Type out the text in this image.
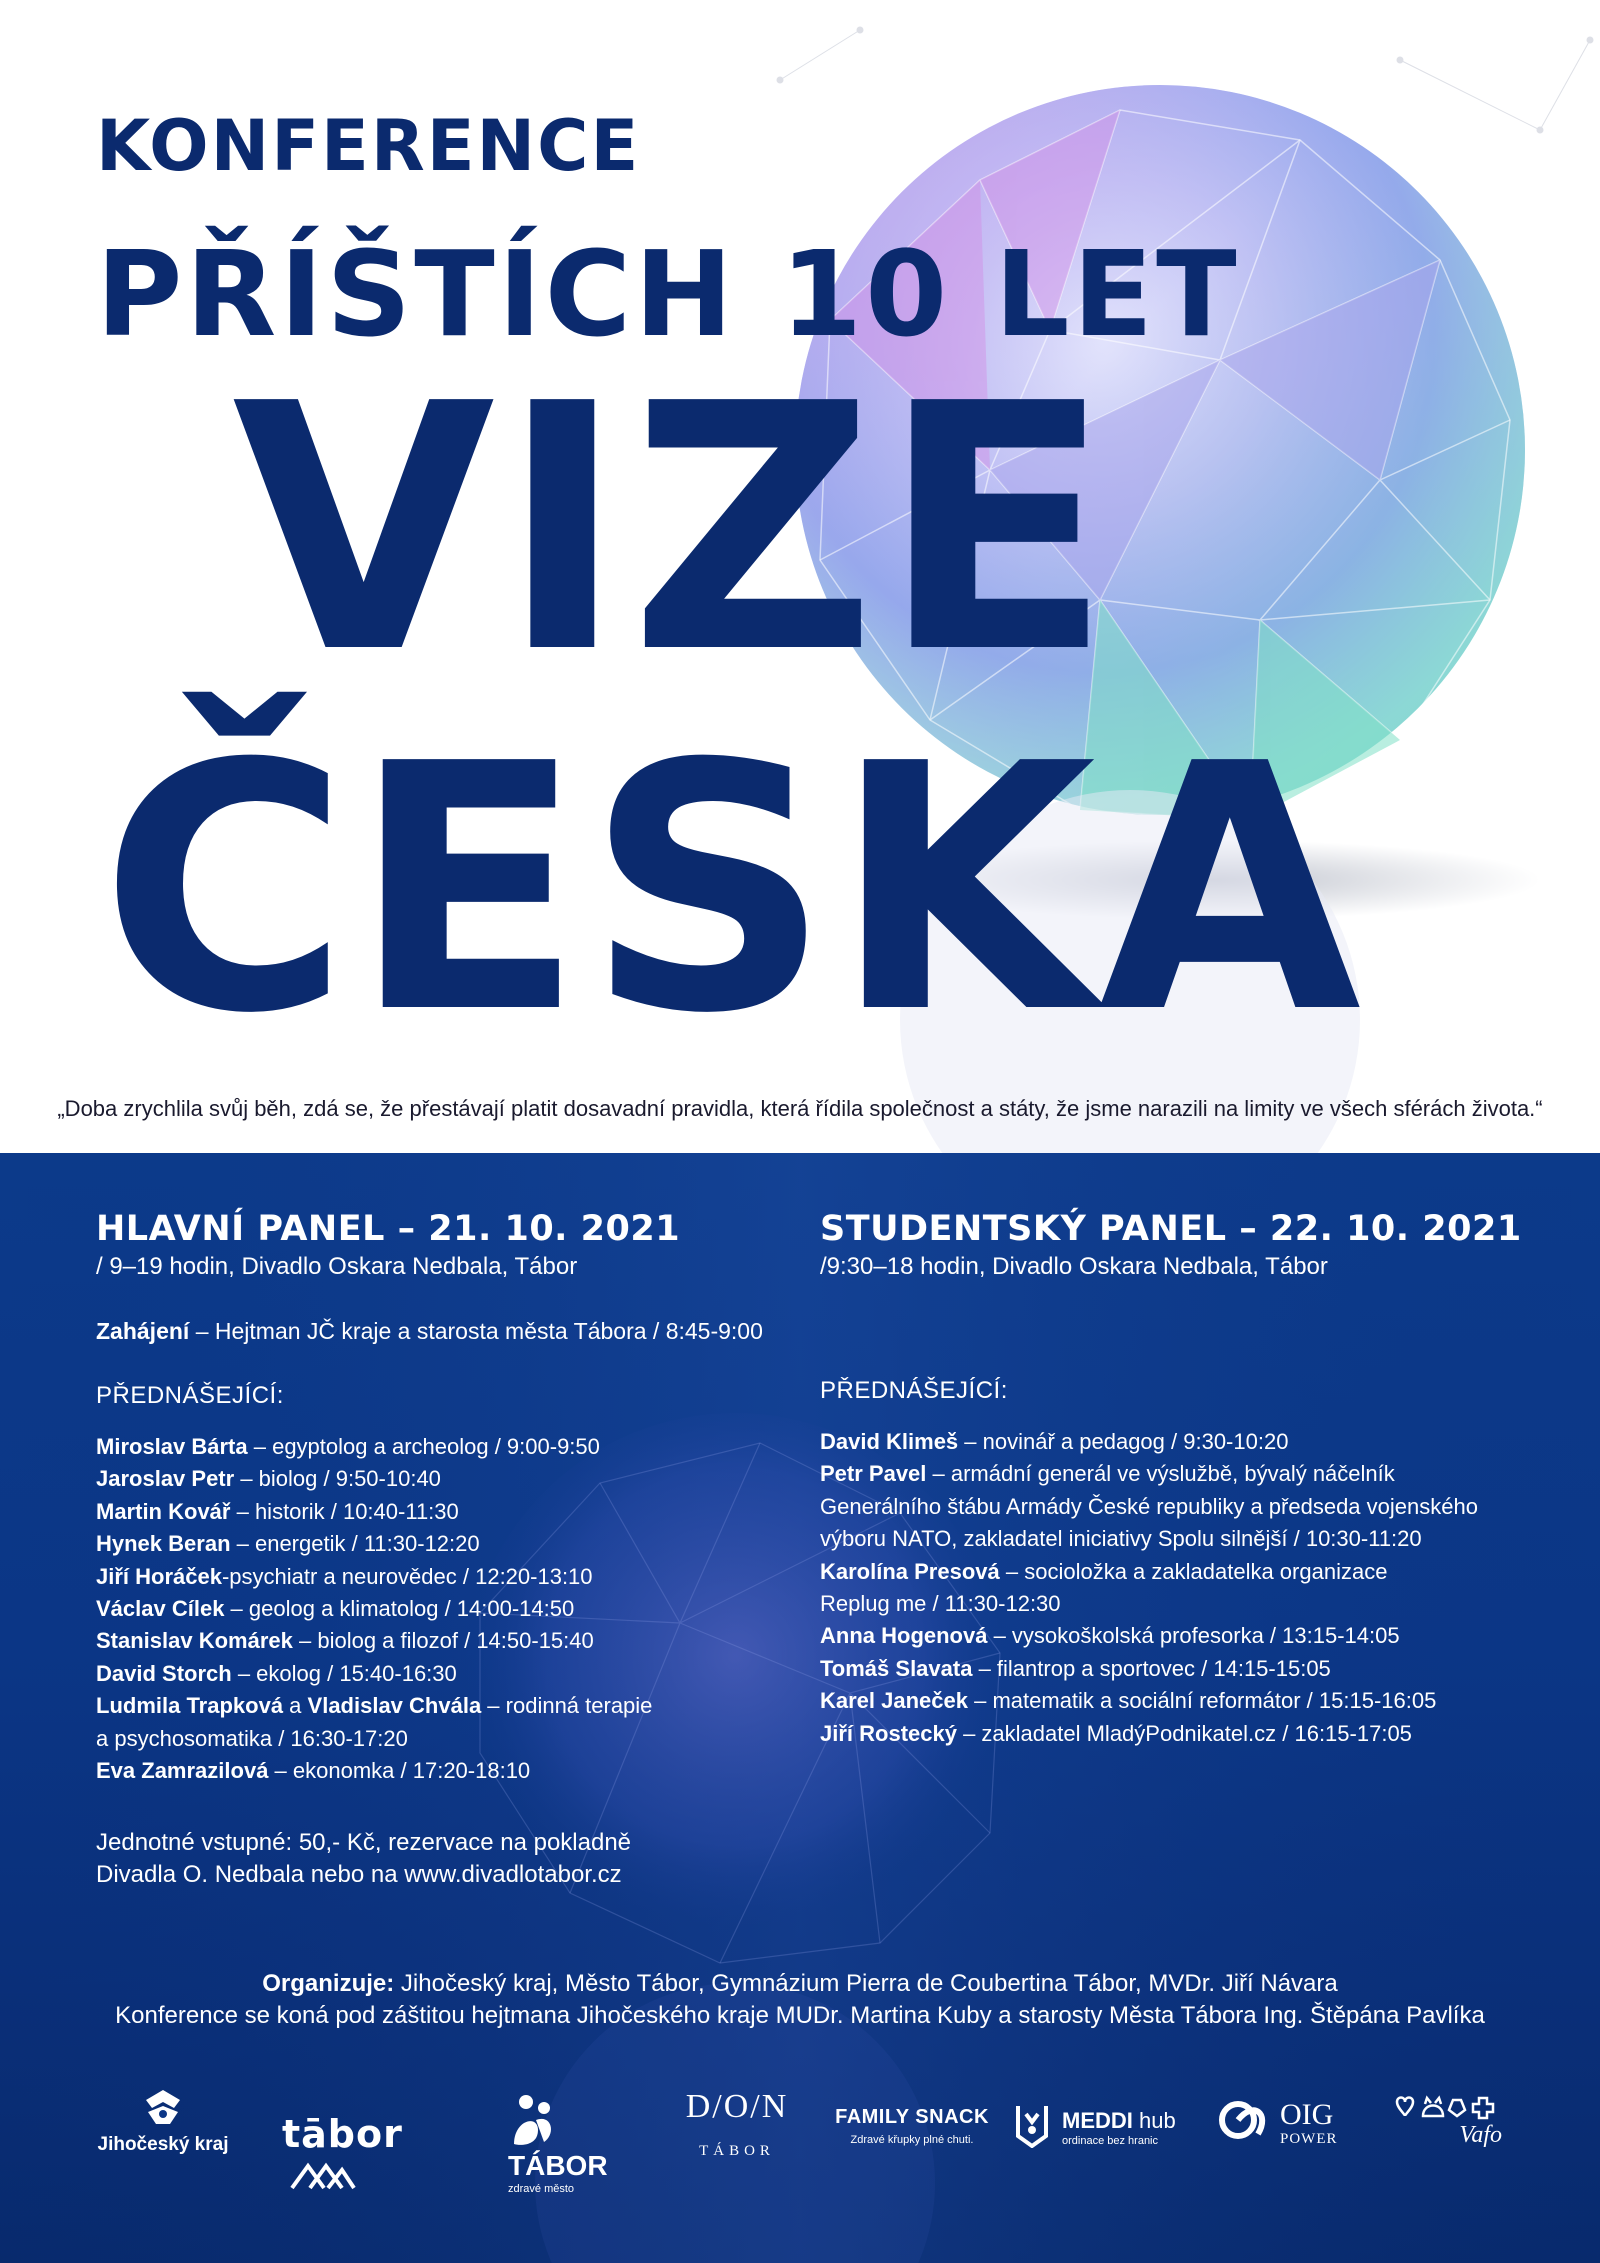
KONFERENCE
PŘÍŠTÍCH 10 LET
VIZE
ČESKA
„Doba zrychlila svůj běh, zdá se, že přestávají platit dosavadní pravidla, která řídila společnost a státy, že jsme narazili na limity ve všech sférách života.“
HLAVNÍ PANEL – 21. 10. 2021
/ 9–19 hodin, Divadlo Oskara Nedbala, Tábor
Zahájení – Hejtman JČ kraje a starosta města Tábora / 8:45-9:00
PŘEDNÁŠEJÍCÍ:
Miroslav Bárta – egyptolog a archeolog / 9:00-9:50
Jaroslav Petr – biolog / 9:50-10:40
Martin Kovář – historik / 10:40-11:30
Hynek Beran – energetik / 11:30-12:20
Jiří Horáček-psychiatr a neurovědec / 12:20-13:10
Václav Cílek – geolog a klimatolog / 14:00-14:50
Stanislav Komárek – biolog a filozof / 14:50-15:40
David Storch – ekolog / 15:40-16:30
Ludmila Trapková a Vladislav Chvála – rodinná terapie
a psychosomatika / 16:30-17:20
Eva Zamrazilová – ekonomka / 17:20-18:10
Jednotné vstupné: 50,- Kč, rezervace na pokladně
Divadla O. Nedbala nebo na www.divadlotabor.cz
STUDENTSKÝ PANEL – 22. 10. 2021
/9:30–18 hodin, Divadlo Oskara Nedbala, Tábor
PŘEDNÁŠEJÍCÍ:
David Klimeš – novinář a pedagog / 9:30-10:20
Petr Pavel – armádní generál ve výslužbě, bývalý náčelník
Generálního štábu Armády České republiky a předseda vojenského
výboru NATO, zakladatel iniciativy Spolu silnější / 10:30-11:20
Karolína Presová – socioložka a zakladatelka organizace
Replug me / 11:30-12:30
Anna Hogenová – vysokoškolská profesorka / 13:15-14:05
Tomáš Slavata – filantrop a sportovec / 14:15-15:05
Karel Janeček – matematik a sociální reformátor / 15:15-16:05
Jiří Rostecký – zakladatel MladýPodnikatel.cz / 16:15-17:05
Organizuje: Jihočeský kraj, Město Tábor, Gymnázium Pierra de Coubertina Tábor, MVDr. Jiří Návara
Konference se koná pod záštitou hejtmana Jihočeského kraje MUDr. Martina Kuby a starosty Města Tábora Ing. Štěpána Pavlíka
Jihočeský kraj tābor
TÁBOR
zdravé město
D/O/N
TÁBOR
FAMILY SNACK
Zdravé křupky plné chuti.
MEDDI hub
ordinace bez hranic
OIG
POWER	Vafo
